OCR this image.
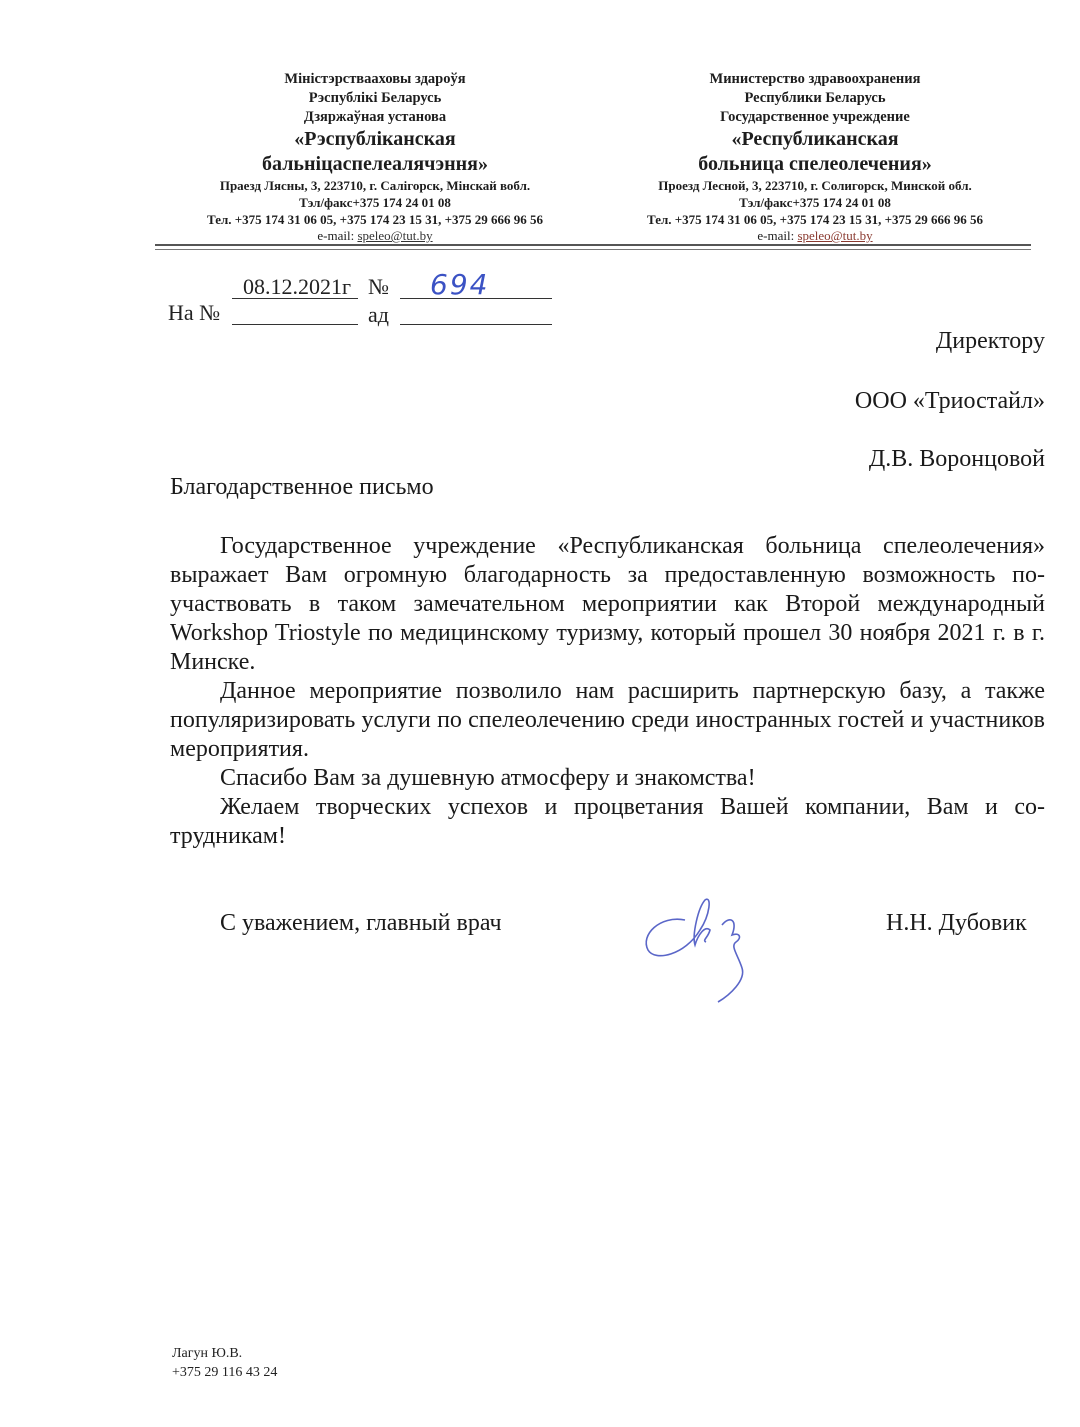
Міністэрствааховы здароўя
Рэспублікі Беларусь
Дзяржаўная установа
«Рэспубліканская
бальніцаспелеалячэння»
Праезд Лясны, 3, 223710, г. Салігорск, Мінскай вобл.
Тэл/факс+375 174 24 01 08
Тел. +375 174 31 06 05, +375 174 23 15 31, +375 29 666 96 56
e-mail: speleo@tut.by
Министерство здравоохранения
Республики Беларусь
Государственное учреждение
«Республиканская
больница спелеолечения»
Проезд Лесной, 3, 223710, г. Солигорск, Минской обл.
Тэл/факс+375 174 24 01 08
Тел. +375 174 31 06 05, +375 174 23 15 31, +375 29 666 96 56
e-mail: speleo@tut.by
08.12.2021г № 694
На №	ад
Директору
ООО «Триостайл»
Д.В. Воронцовой
Благодарственное письмо

Государственное учреждение «Республиканская больница спелеолечения» выражает Вам огромную благодарность за предоставленную возможность поучаствовать в таком замечательном мероприятии как Второй международный Workshop Triostyle по медицинскому туризму, который прошел 30 ноября 2021 г. в г. Минске.

Данное мероприятие позволило нам расширить партнерскую базу, а также популяризировать услуги по спелеолечению среди иностранных гостей и участников мероприятия.

Спасибо Вам за душевную атмосферу и знакомства!

Желаем творческих успехов и процветания Вашей компании, Вам и сотрудникам!

С уважением, главный врач	Н.Н. Дубовик
Лагун Ю.В.
+375 29 116 43 24
